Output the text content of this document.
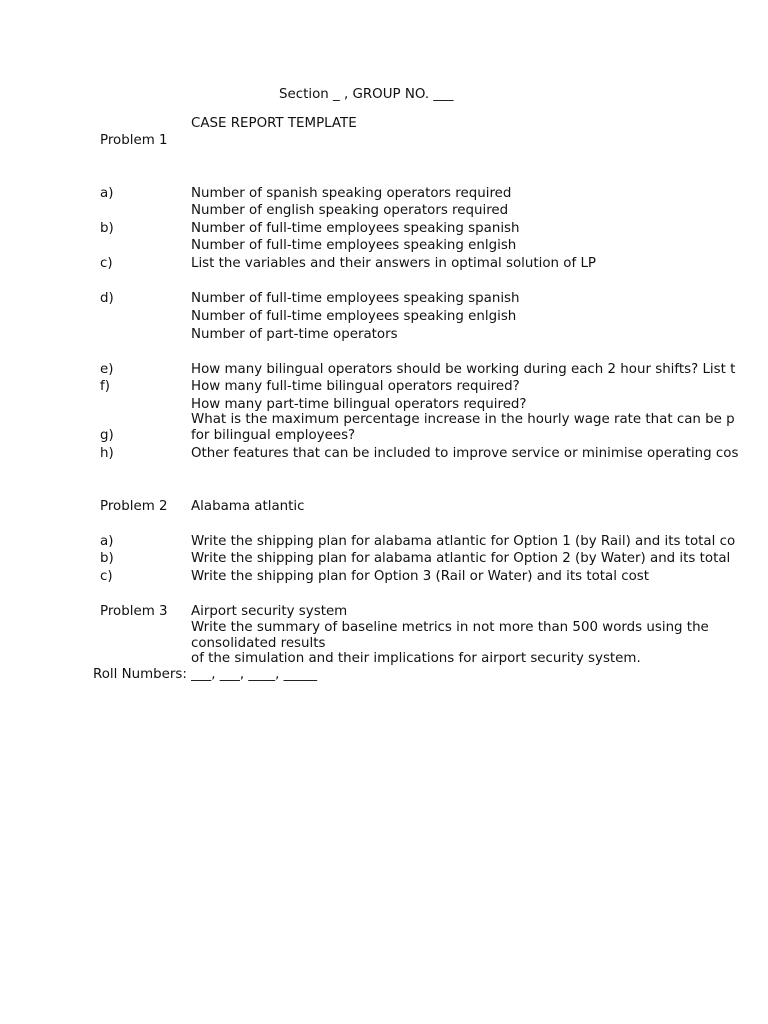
Section _ , GROUP NO. ___
CASE REPORT TEMPLATE
Problem 1
a)	Number of spanish speaking operators required
Number of english speaking operators required
b)	Number of full-time employees speaking spanish
Number of full-time employees speaking enlgish
c)	List the variables and their answers in optimal solution of LP
d)	Number of full-time employees speaking spanish
Number of full-time employees speaking enlgish
Number of part-time operators
e)	How many bilingual operators should be working during each 2 hour shifts? List t
f)	How many full-time bilingual operators required?
How many part-time bilingual operators required?
What is the maximum percentage increase in the hourly wage rate that can be p
g)	for bilingual employees?
h)	Other features that can be included to improve service or minimise operating cos
Problem 2 Alabama atlantic
a)	Write the shipping plan for alabama atlantic for Option 1 (by Rail) and its total co
b)	Write the shipping plan for alabama atlantic for Option 2 (by Water) and its total
c)	Write the shipping plan for Option 3 (Rail or Water) and its total cost
Problem 3 Airport security system
Write the summary of baseline metrics in not more than 500 words using the
consolidated results
of the simulation and their implications for airport security system.
Roll Numbers: ___, ___, ____, _____
